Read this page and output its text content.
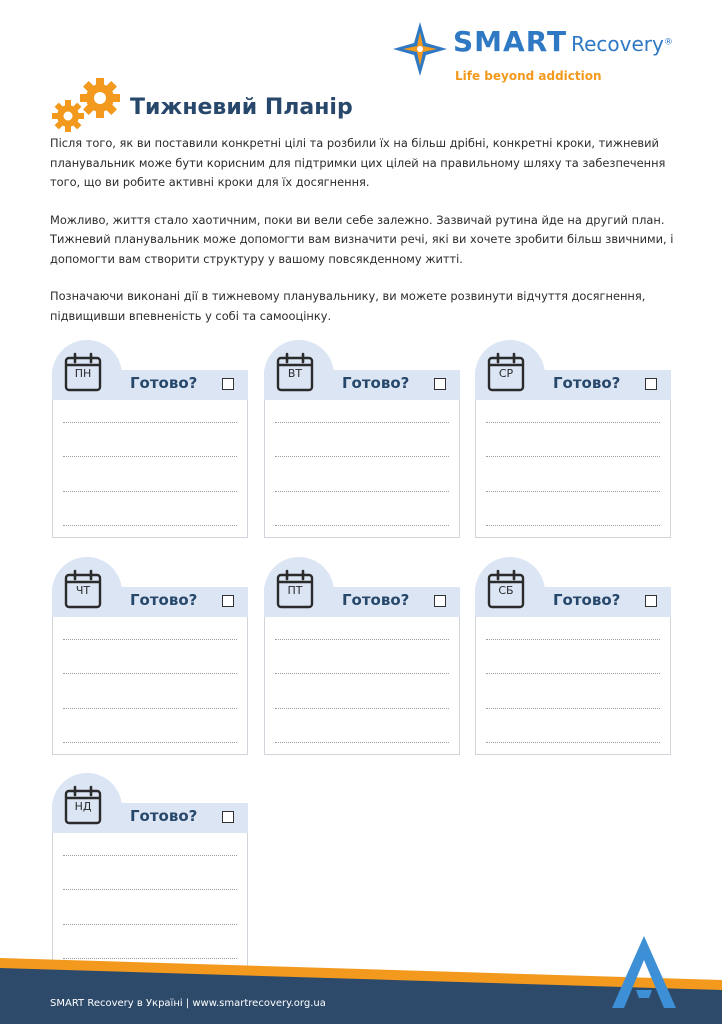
SMART Recovery®
Life beyond addiction
Тижневий Планір

Після того, як ви поставили конкретні цілі та розбили їх на більш дрібні, конкретні кроки, тижневий планувальник може бути корисним для підтримки цих цілей на правильному шляху та забезпечення того, що ви робите активні кроки для їх досягнення.

Можливо, життя стало хаотичним, поки ви вели себе залежно. Зазвичай рутина йде на другий план. Тижневий планувальник може допомогти вам визначити речі, які ви хочете зробити більш звичними, і допомогти вам створити структуру у вашому повсякденному житті.

Позначаючи виконані дії в тижневому планувальнику, ви можете розвинути відчуття досягнення, підвищивши впевненість у собі та самооцінку.

ПН
Готово?
ВТ
Готово?
СР
Готово?
ЧТ
Готово?
ПТ
Готово?
СБ
Готово?
НД
Готово?
SMART Recovery в Україні | www.smartrecovery.org.ua
